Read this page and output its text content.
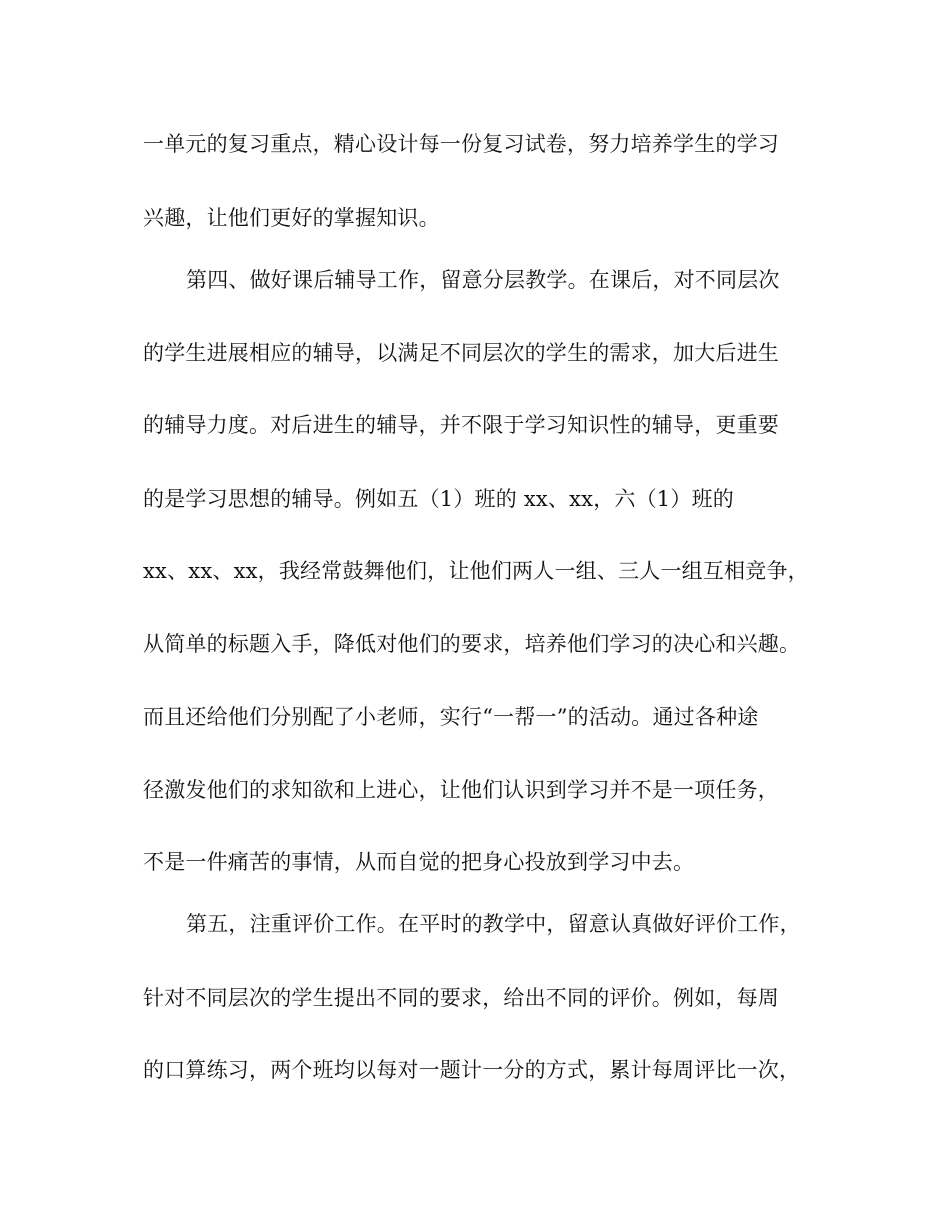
一单元的复习重点，精心设计每一份复习试卷，努力培养学生的学习
兴趣，让他们更好的掌握知识。
第四、做好课后辅导工作，留意分层教学。在课后，对不同层次
的学生进展相应的辅导，以满足不同层次的学生的需求，加大后进生
的辅导力度。对后进生的辅导，并不限于学习知识性的辅导，更重要
的是学习思想的辅导。例如五（1）班的 xx、xx，六（1）班的
xx、xx、xx，我经常鼓舞他们，让他们两人一组、三人一组互相竞争，
从简单的标题入手，降低对他们的要求，培养他们学习的决心和兴趣。
而且还给他们分别配了小老师，实行“一帮一”的活动。通过各种途
径激发他们的求知欲和上进心，让他们认识到学习并不是一项任务，
不是一件痛苦的事情，从而自觉的把身心投放到学习中去。
第五，注重评价工作。在平时的教学中，留意认真做好评价工作，
针对不同层次的学生提出不同的要求，给出不同的评价。例如，每周
的口算练习，两个班均以每对一题计一分的方式，累计每周评比一次，
